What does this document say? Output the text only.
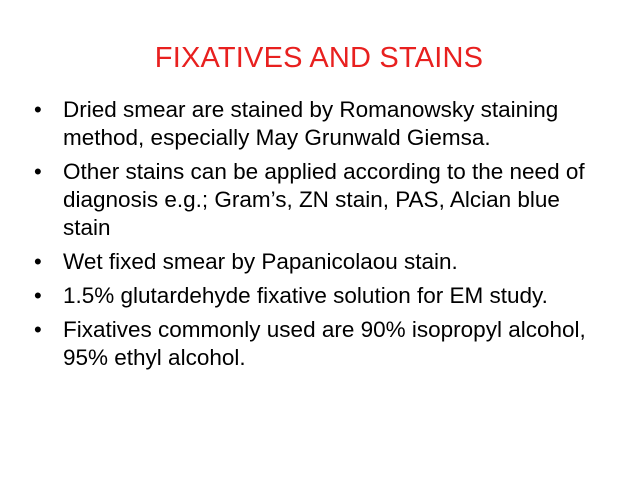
FIXATIVES AND STAINS
• Dried smear are stained by Romanowsky staining method, especially May Grunwald Giemsa.
• Other stains can be applied according to the need of diagnosis e.g.; Gram’s, ZN stain, PAS, Alcian blue stain
• Wet fixed smear by Papanicolaou stain.
• 1.5% glutardehyde fixative solution for EM study.
• Fixatives commonly used are 90% isopropyl alcohol, 95% ethyl alcohol.
